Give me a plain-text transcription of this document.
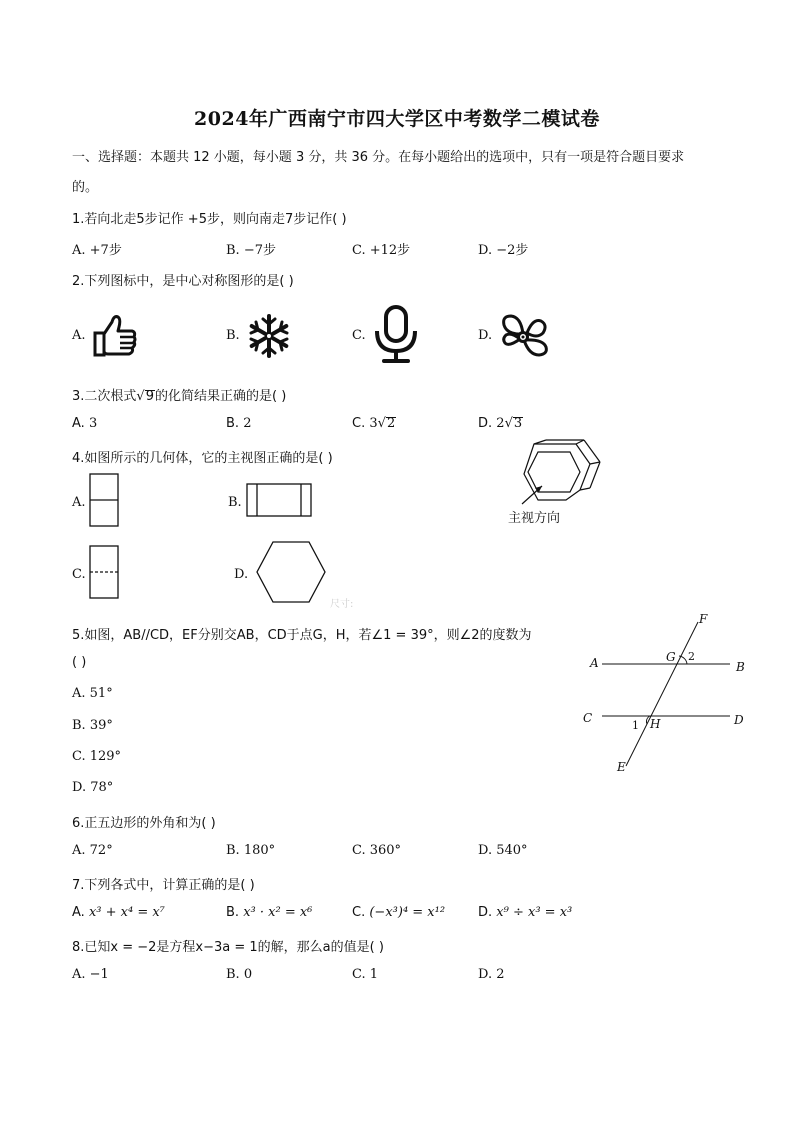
2024年广西南宁市四大学区中考数学二模试卷
一、选择题：本题共 12 小题，每小题 3 分，共 36 分。在每小题给出的选项中，只有一项是符合题目要求
的。
1.若向北走5步记作 +5步，则向南走7步记作( )
A. +7步	B. −7步	C. +12步	D. −2步
2.下列图标中，是中心对称图形的是( )
A.	B.	C.	D.
3.二次根式√9的化简结果正确的是( )
A. 3	B. 2	C. 3√2	D. 2√3
4.如图所示的几何体，它的主视图正确的是( )
A.	B.
C.	D.
尺寸:
主视方向
5.如图，AB//CD，EF分别交AB，CD于点G，H，若∠1 = 39°，则∠2的度数为
( )
A. 51°
B. 39°
C. 129°
D. 78°
F
A	G 2
B
C
1 H	D
E
6.正五边形的外角和为( )
A. 72°	B. 180°	C. 360°	D. 540°
7.下列各式中，计算正确的是( )
A. x³ + x⁴ = x⁷	B. x³ · x² = x⁶	C. (−x³)⁴ = x¹²	D. x⁹ ÷ x³ = x³
8.已知x = −2是方程x−3a = 1的解，那么a的值是( )
A. −1	B. 0	C. 1	D. 2
